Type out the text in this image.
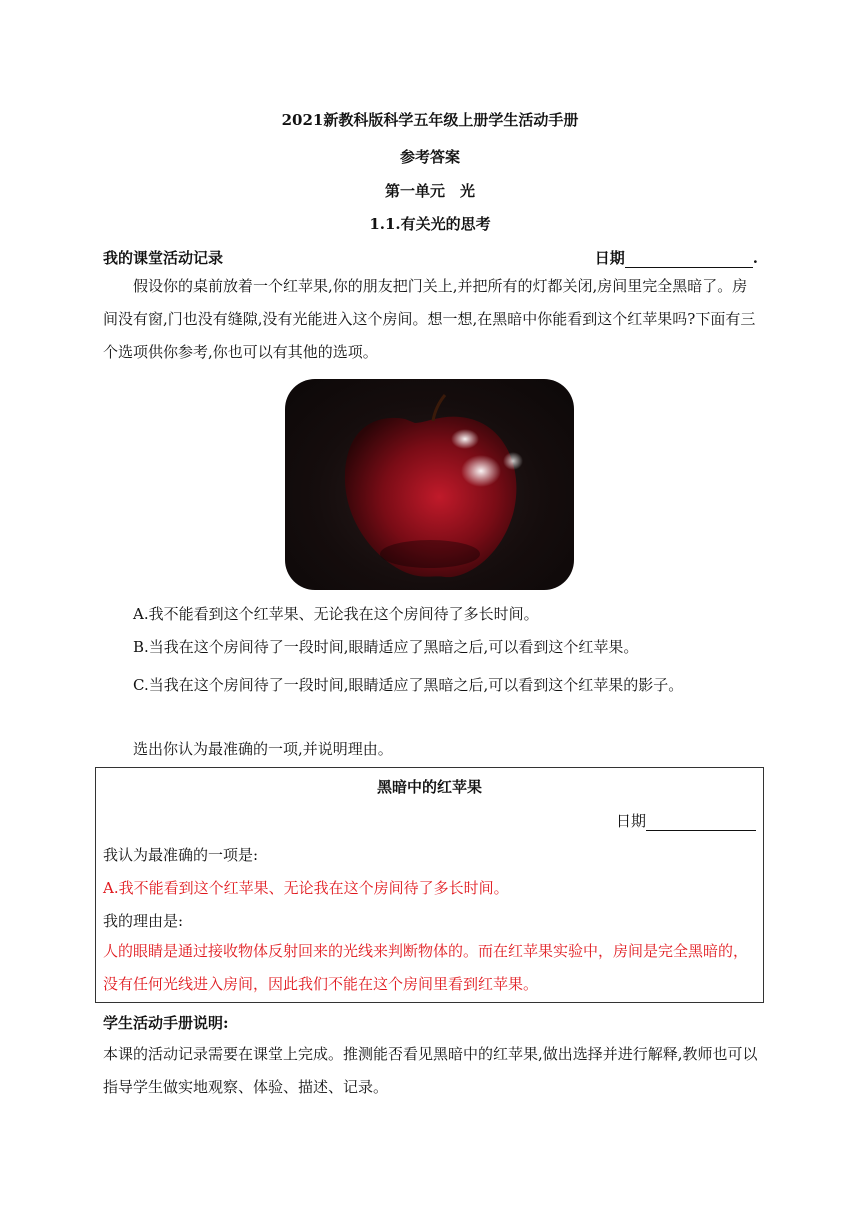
2021新教科版科学五年级上册学生活动手册
参考答案
第一单元　光
1.1.有关光的思考
我的课堂活动记录	日期	.
假设你的桌前放着一个红苹果,你的朋友把门关上,并把所有的灯都关闭,房间里完全黑暗了。房间没有窗,门也没有缝隙,没有光能进入这个房间。想一想,在黑暗中你能看到这个红苹果吗?下面有三个选项供你参考,你也可以有其他的选项。
A.我不能看到这个红苹果、无论我在这个房间待了多长时间。
B.当我在这个房间待了一段时间,眼睛适应了黑暗之后,可以看到这个红苹果。
C.当我在这个房间待了一段时间,眼睛适应了黑暗之后,可以看到这个红苹果的影子。
选出你认为最准确的一项,并说明理由。
黑暗中的红苹果
日期
我认为最准确的一项是:
A.我不能看到这个红苹果、无论我在这个房间待了多长时间。
我的理由是:
人的眼睛是通过接收物体反射回来的光线来判断物体的。而在红苹果实验中，房间是完全黑暗的，没有任何光线进入房间，因此我们不能在这个房间里看到红苹果。
学生活动手册说明:
本课的活动记录需要在课堂上完成。推测能否看见黑暗中的红苹果,做出选择并进行解释,教师也可以指导学生做实地观察、体验、描述、记录。
